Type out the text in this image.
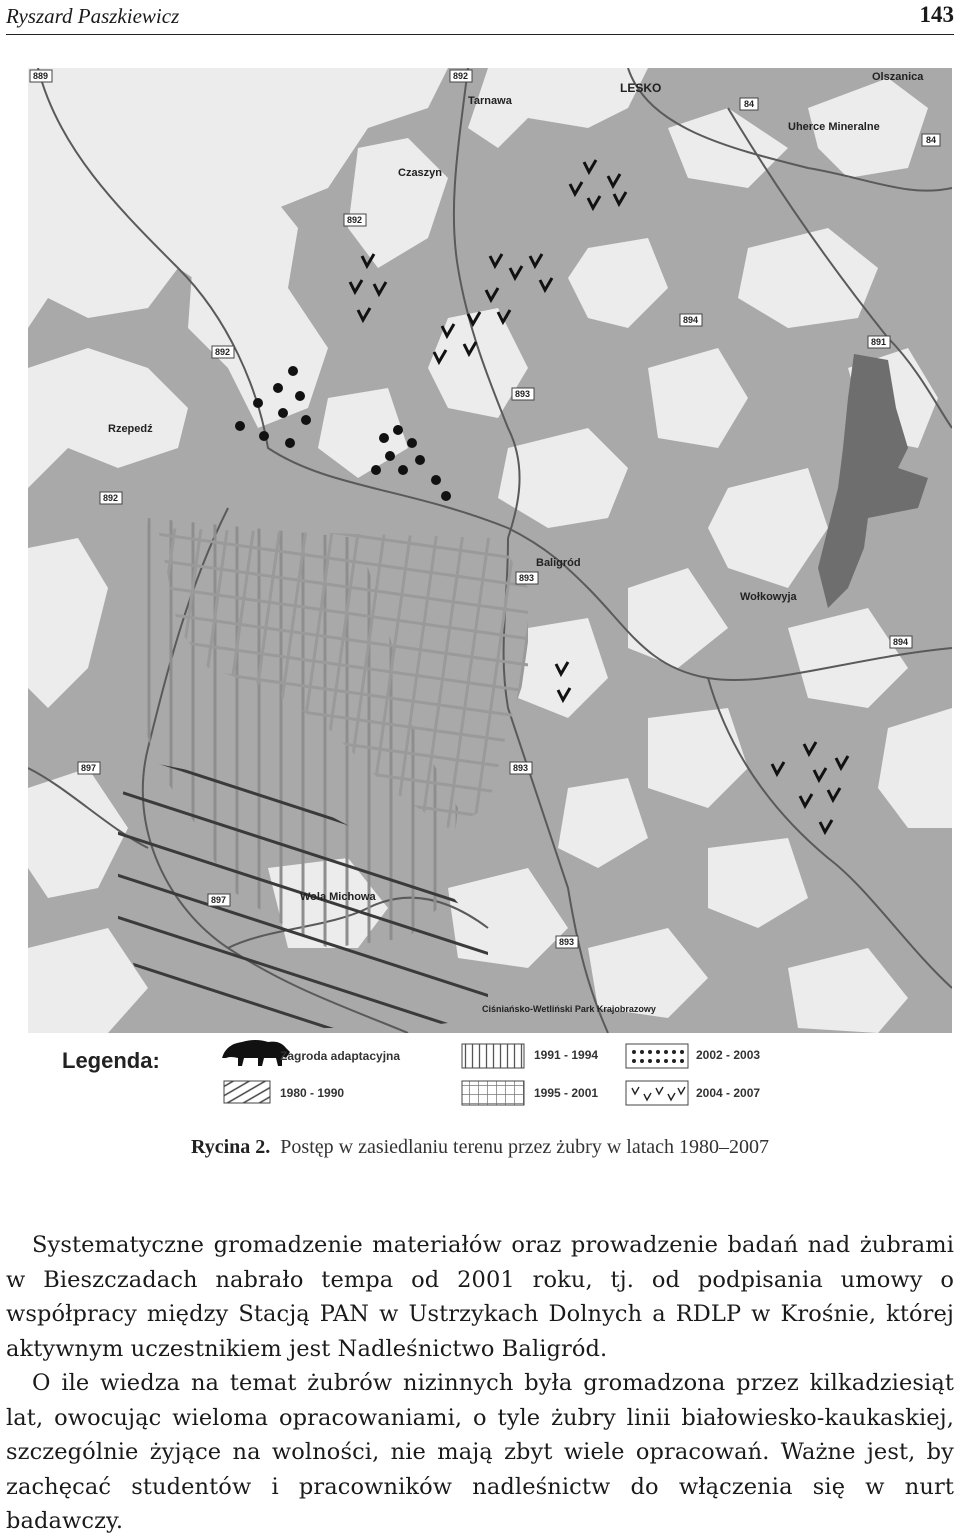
Ryszard Paszkiewicz	143
LESKO
Olszanica
Tarnawa
Uherce Mineralne
Czaszyn
Rzepedź
Baligród
Wołkowyja
Wola Michowa
Ciśniańsko-Wetliński Park Krajobrazowy
889	892
84
84
892
892
894
891
893
892
893
894
893
897
897
893
Legenda:	Zagroda adaptacyjna
1980 - 1990
1991 - 1994
1995 - 2001
2002 - 2003
2004 - 2007
Rycina 2. Postęp w zasiedlaniu terenu przez żubry w latach 1980–2007

Systematyczne gromadzenie materiałów oraz prowadzenie badań nad żubrami w Bieszczadach nabrało tempa od 2001 roku, tj. od podpisania umowy o współpracy między Stacją PAN w Ustrzykach Dolnych a RDLP w Krośnie, której aktywnym uczestnikiem jest Nadleśnictwo Baligród.

O ile wiedza na temat żubrów nizinnych była gromadzona przez kilkadziesiąt lat, owocując wieloma opracowaniami, o tyle żubry linii białowiesko-kaukaskiej, szczególnie żyjące na wolności, nie mają zbyt wiele opracowań. Ważne jest, by zachęcać studentów i pracowników nadleśnictw do włączenia się w nurt badawczy.
